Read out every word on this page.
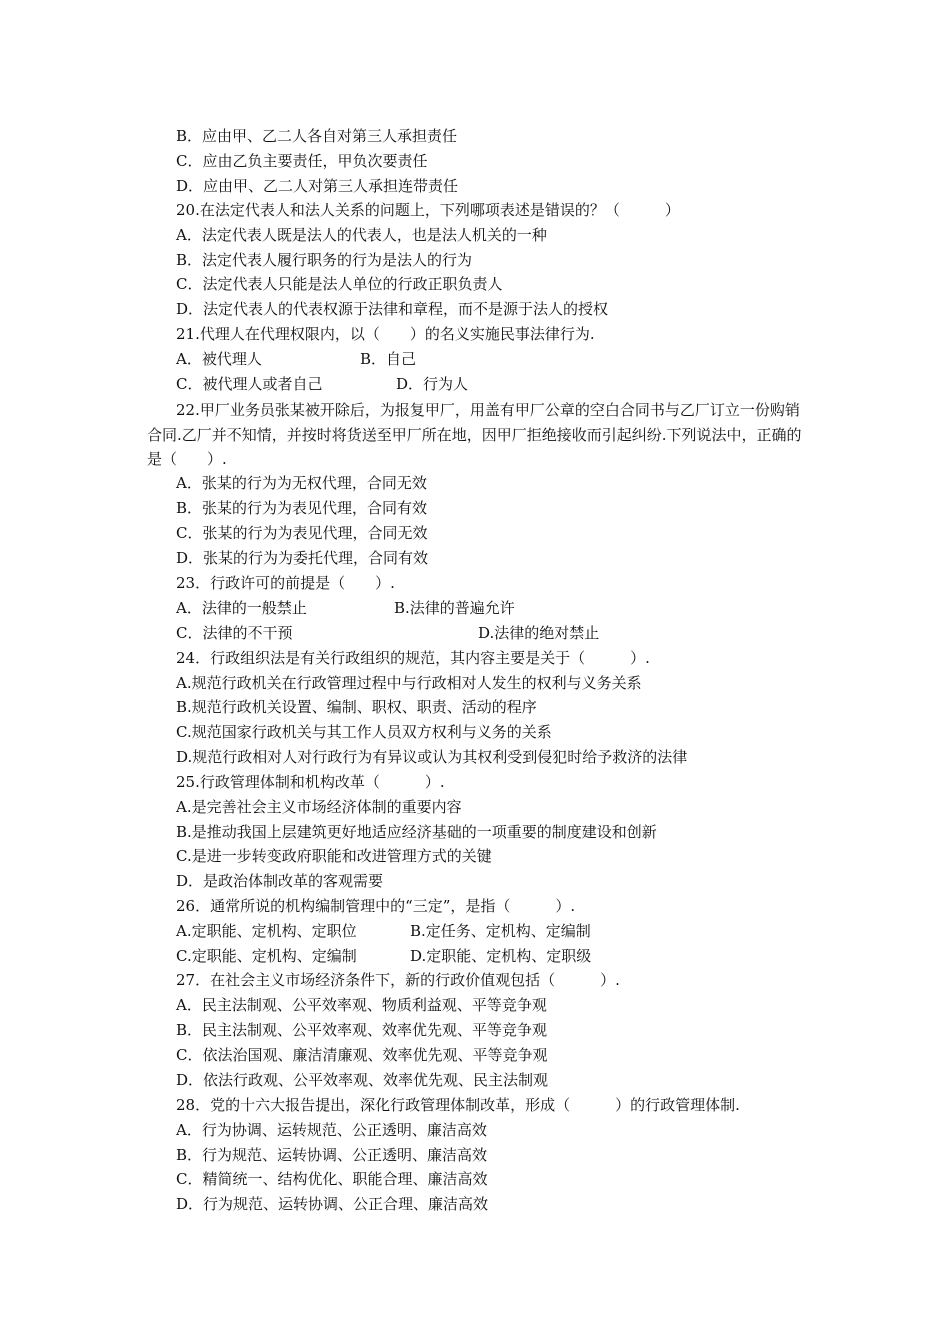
B．应由甲、乙二人各自对第三人承担责任

C．应由乙负主要责任，甲负次要责任

D．应由甲、乙二人对第三人承担连带责任

20.在法定代表人和法人关系的问题上，下列哪项表述是错误的？（　　　）

A．法定代表人既是法人的代表人，也是法人机关的一种

B．法定代表人履行职务的行为是法人的行为

C．法定代表人只能是法人单位的行政正职负责人

D．法定代表人的代表权源于法律和章程，而不是源于法人的授权

21.代理人在代理权限内，以（　　）的名义实施民事法律行为.

A．被代理人

	B．自己

C．被代理人或者自己

	D．行为人

22.甲厂业务员张某被开除后，为报复甲厂，用盖有甲厂公章的空白合同书与乙厂订立一份购销合同.乙厂并不知情，并按时将货送至甲厂所在地，因甲厂拒绝接收而引起纠纷.下列说法中，正确的是（　　）.

A．张某的行为为无权代理，合同无效

B．张某的行为为表见代理，合同有效

C．张某的行为为表见代理，合同无效

D．张某的行为为委托代理，合同有效

23．行政许可的前提是（　　）.

A．法律的一般禁止

	B.法律的普遍允许

C．法律的不干预

	D.法律的绝对禁止

24．行政组织法是有关行政组织的规范，其内容主要是关于（　　　）.

A.规范行政机关在行政管理过程中与行政相对人发生的权利与义务关系

B.规范行政机关设置、编制、职权、职责、活动的程序

C.规范国家行政机关与其工作人员双方权利与义务的关系

D.规范行政相对人对行政行为有异议或认为其权利受到侵犯时给予救济的法律

25.行政管理体制和机构改革（　　　）.

A.是完善社会主义市场经济体制的重要内容

B.是推动我国上层建筑更好地适应经济基础的一项重要的制度建设和创新

C.是进一步转变政府职能和改进管理方式的关键

D．是政治体制改革的客观需要

26．通常所说的机构编制管理中的“三定”，是指（　　　）.

A.定职能、定机构、定职位

	B.定任务、定机构、定编制

C.定职能、定机构、定编制

	D.定职能、定机构、定职级

27．在社会主义市场经济条件下，新的行政价值观包括（　　　）.

A．民主法制观、公平效率观、物质利益观、平等竞争观

B．民主法制观、公平效率观、效率优先观、平等竞争观

C．依法治国观、廉洁清廉观、效率优先观、平等竞争观

D．依法行政观、公平效率观、效率优先观、民主法制观

28．党的十六大报告提出，深化行政管理体制改革，形成（　　　）的行政管理体制.

A．行为协调、运转规范、公正透明、廉洁高效

B．行为规范、运转协调、公正透明、廉洁高效

C．精简统一、结构优化、职能合理、廉洁高效

D．行为规范、运转协调、公正合理、廉洁高效
